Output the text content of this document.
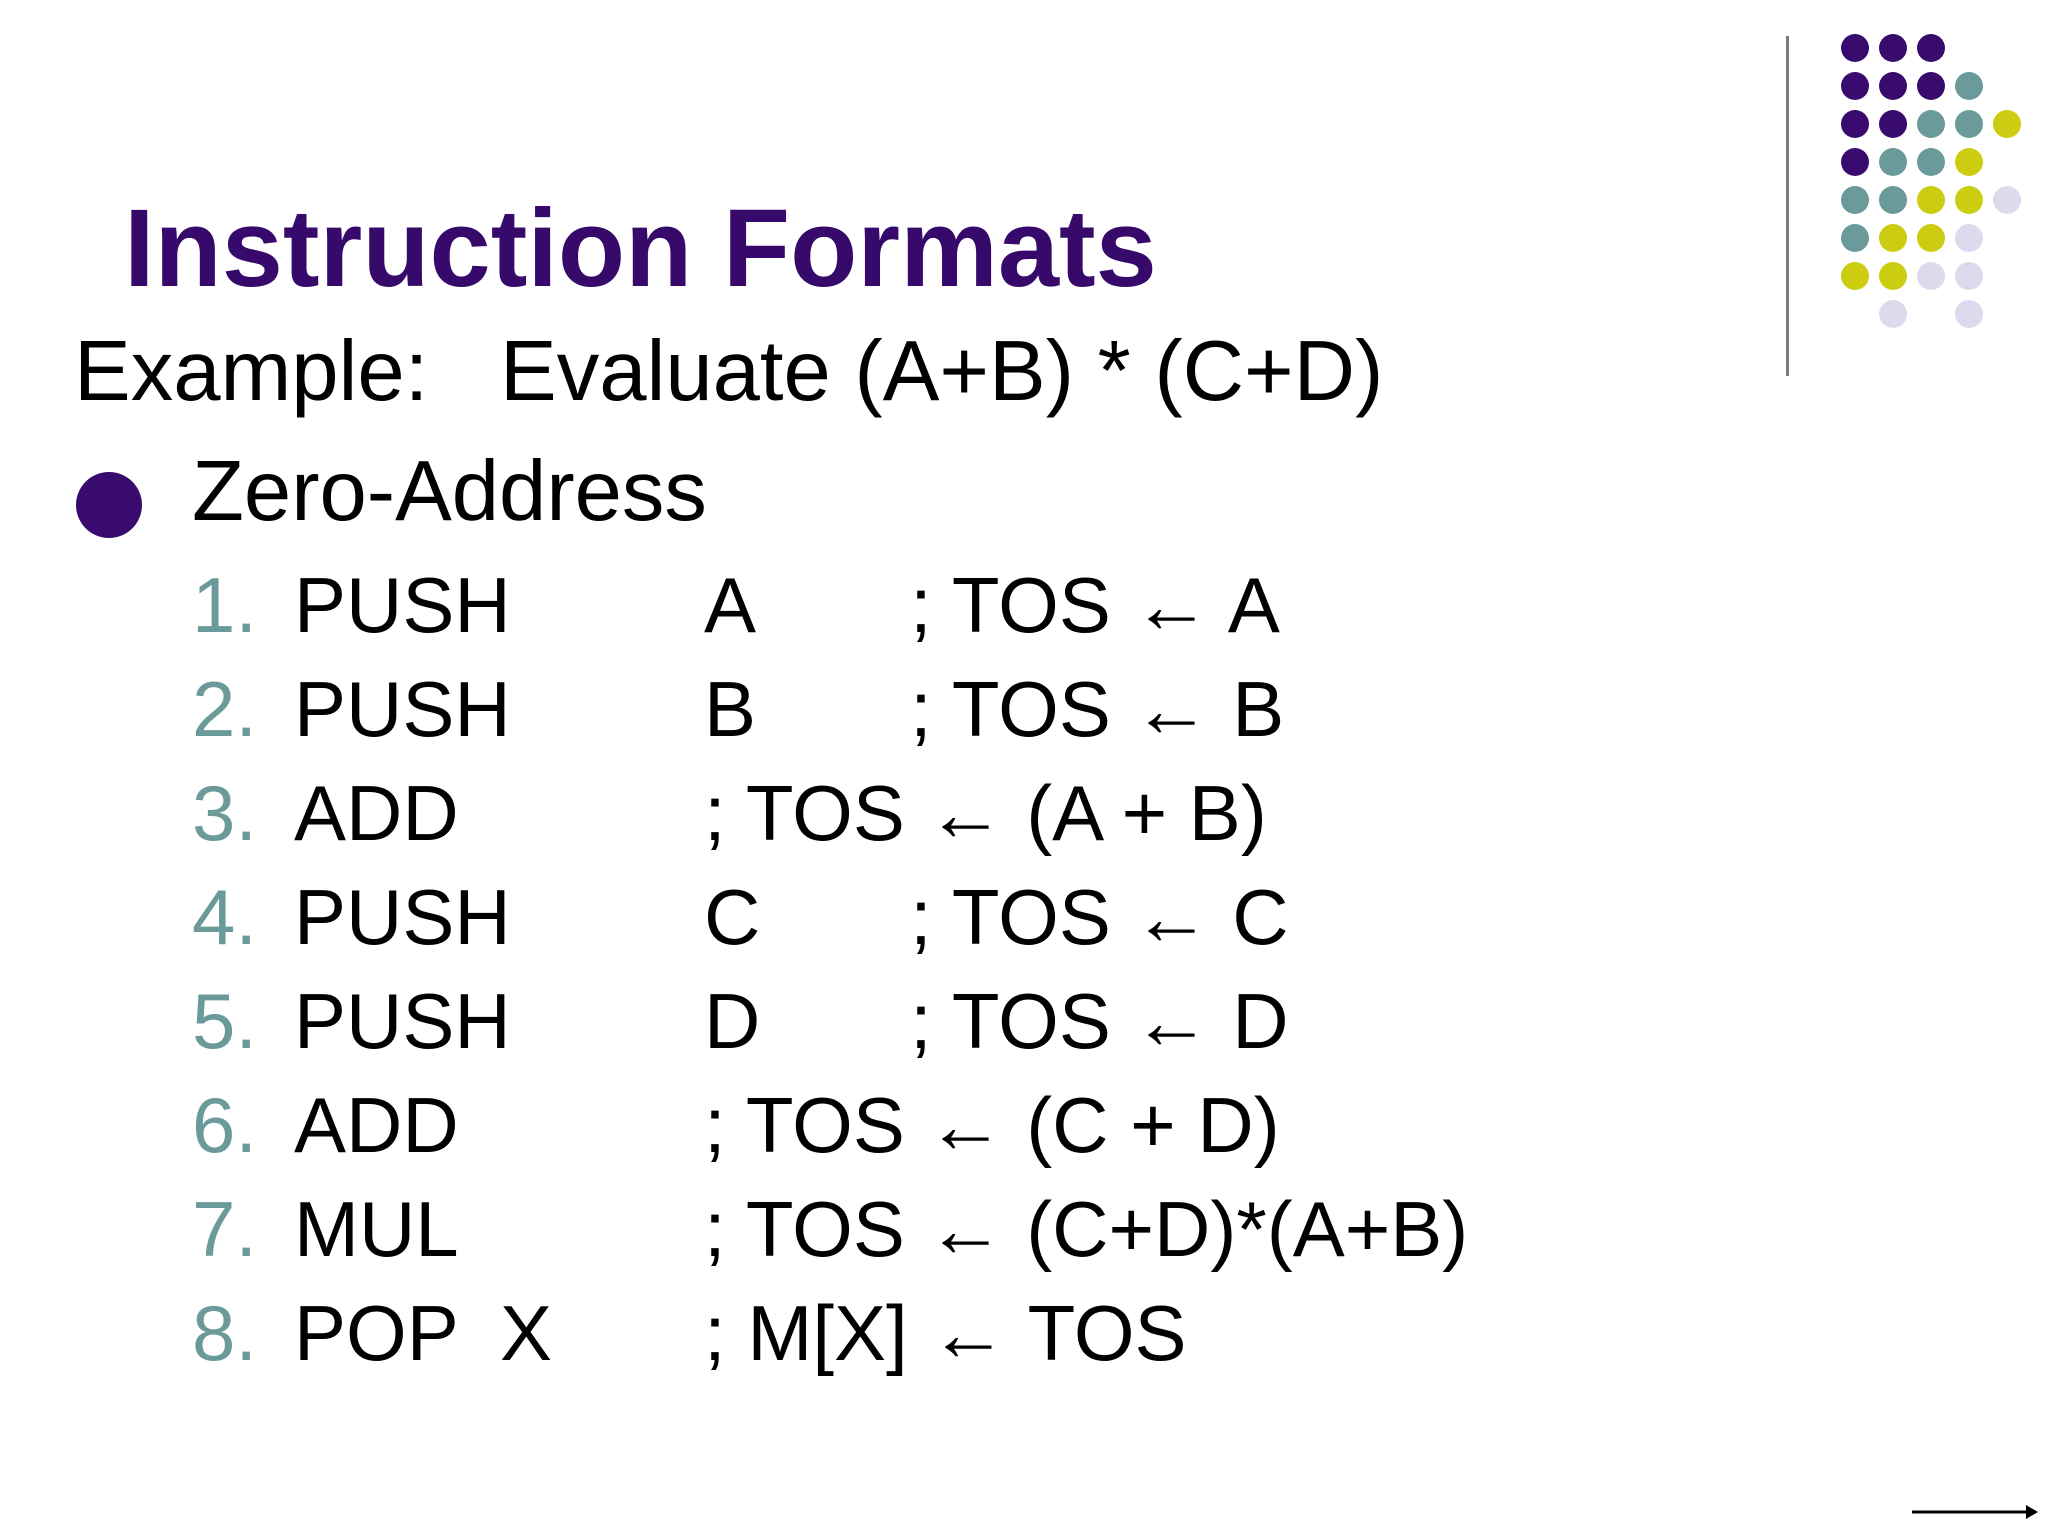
Instruction Formats
Example: Evaluate (A+B) * (C+D)
Zero-Address
1. PUSH A ; TOS ← A
2. PUSH B ; TOS ← B
3. ADD	; TOS ← (A + B)
4. PUSH C ; TOS ← C
5. PUSH D ; TOS ← D
6. ADD	; TOS ← (C + D)
7. MUL	; TOS ← (C+D)*(A+B)
8. POP X ; M[X] ← TOS
